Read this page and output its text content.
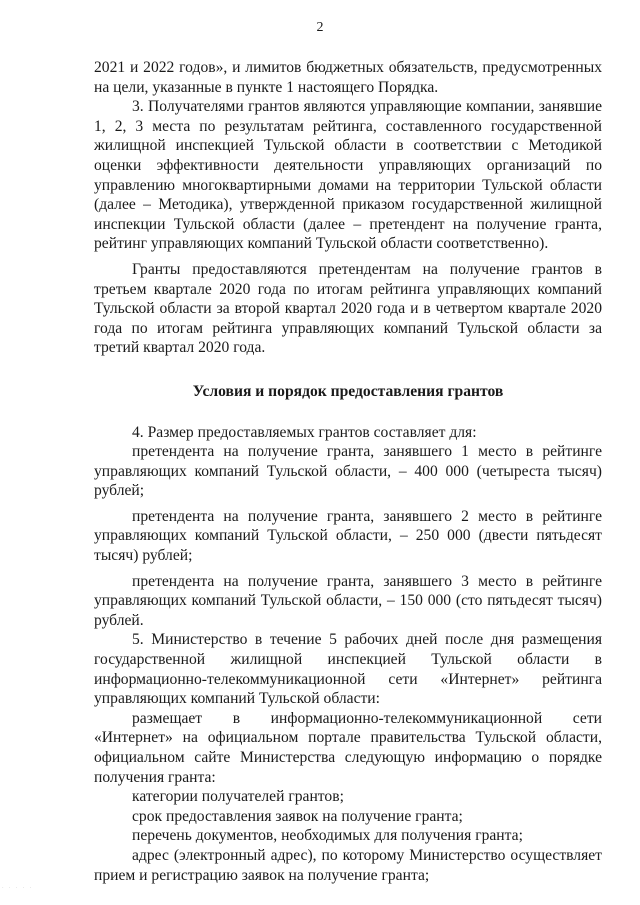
2

2021 и 2022 годов», и лимитов бюджетных обязательств, предусмотренных на цели, указанные в пункте 1 настоящего Порядка.

3. Получателями грантов являются управляющие компании, занявшие 1, 2, 3 места по результатам рейтинга, составленного государственной жилищной инспекцией Тульской области в соответствии с Методикой оценки эффективности деятельности управляющих организаций по управлению многоквартирными домами на территории Тульской области (далее – Методика), утвержденной приказом государственной жилищной инспекции Тульской области (далее – претендент на получение гранта, рейтинг управляющих компаний Тульской области соответственно).

Гранты предоставляются претендентам на получение грантов в третьем квартале 2020 года по итогам рейтинга управляющих компаний Тульской области за второй квартал 2020 года и в четвертом квартале 2020 года по итогам рейтинга управляющих компаний Тульской области за третий квартал 2020 года.

Условия и порядок предоставления грантов

4. Размер предоставляемых грантов составляет для:

претендента на получение гранта, занявшего 1 место в рейтинге управляющих компаний Тульской области, – 400 000 (четыреста тысяч) рублей;

претендента на получение гранта, занявшего 2 место в рейтинге управляющих компаний Тульской области, – 250 000 (двести пятьдесят тысяч) рублей;

претендента на получение гранта, занявшего 3 место в рейтинге управляющих компаний Тульской области, – 150 000 (сто пятьдесят тысяч) рублей.

5. Министерство в течение 5 рабочих дней после дня размещения государственной жилищной инспекцией Тульской области в информационно-телекоммуникационной сети «Интернет» рейтинга управляющих компаний Тульской области:

размещает в информационно-телекоммуникационной сети «Интернет» на официальном портале правительства Тульской области, официальном сайте Министерства следующую информацию о порядке получения гранта:

категории получателей грантов;

срок предоставления заявок на получение гранта;

перечень документов, необходимых для получения гранта;

адрес (электронный адрес), по которому Министерство осуществляет прием и регистрацию заявок на получение гранта;

· · · · ·
